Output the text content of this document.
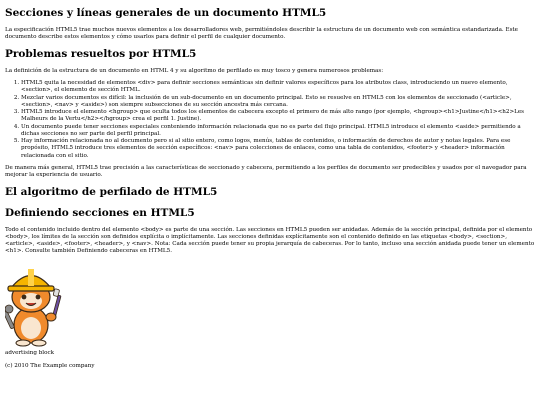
Secciones y líneas generales de un documento HTML5

La especificación HTML5 trae muchos nuevos elementos a los desarrolladores web, permitiéndoles describir la estructura de un documento web con semántica estandarizada. Este documento describe estos elementos y cómo usarlos para definir el perfil de cualquier documento.

Problemas resueltos por HTML5

La definición de la estructura de un documento en HTML 4 y su algoritmo de perfilado es muy tosco y genera numerosos problemas:

1. HTML5 quita la necesidad de elementos <div> para definir secciones semánticas sin definir valores específicos para los atributos class, introduciendo un nuevo elemento, <section>, el elemento de sección HTML.
2. Mezclar varios documentos es difícil: la inclusión de un sub-documento en un documento principal. Esto se resuelve en HTML5 con los elementos de seccionado (<article>, <section>, <nav> y <aside>) son siempre subsecciones de su sección ancestra más cercana.
3. HTML5 introduce el elemento <hgroup> que oculta todos los elementos de cabecera excepto el primero de más alto rango (por ejemplo, <hgroup><h1>Justine</h1><h2>Les Malheurs de la Vertu</h2></hgroup> crea el perfil 1. Justine).
4. Un documento puede tener secciones especiales conteniendo información relacionada que no es parte del flujo principal. HTML5 introduce el elemento <aside> permitiendo a dichas secciones no ser parte del perfil principal.
5. Hay información relacionada no al documento pero si al sitio entero, como logos, menús, tablas de contenidos, o información de derechos de autor y notas legales. Para ese propósito, HTML5 introduce tres elementos de sección específicos: <nav> para colecciones de enlaces, como una tabla de contenidos, <footer> y <header> información relacionada con el sitio.

De manera más general, HTML5 trae precisión a las características de seccionado y cabecera, permitiendo a los perfiles de documento ser predecibles y usados por el navegador para mejorar la experiencia de usuario.

El algoritmo de perfilado de HTML5
Definiendo secciones en HTML5

Todo el contenido incluido dentro del elemento <body> es parte de una sección. Las secciones en HTML5 pueden ser anidadas. Además de la sección principal, definida por el elemento <body>, los límites de la sección son definidos explícita o implícitamente. Las secciones definidas explícitamente son el contenido definido en las etiquetas <body>, <section>, <article>, <aside>, <footer>, <header>, y <nav>. Nota: Cada sección puede tener su propia jerarquía de cabeceras. Por lo tanto, incluso una sección anidada puede tener un elemento <h1>. Consulte también Definiendo cabeceras en HTML5.

advertising block

(c) 2010 The Example company
